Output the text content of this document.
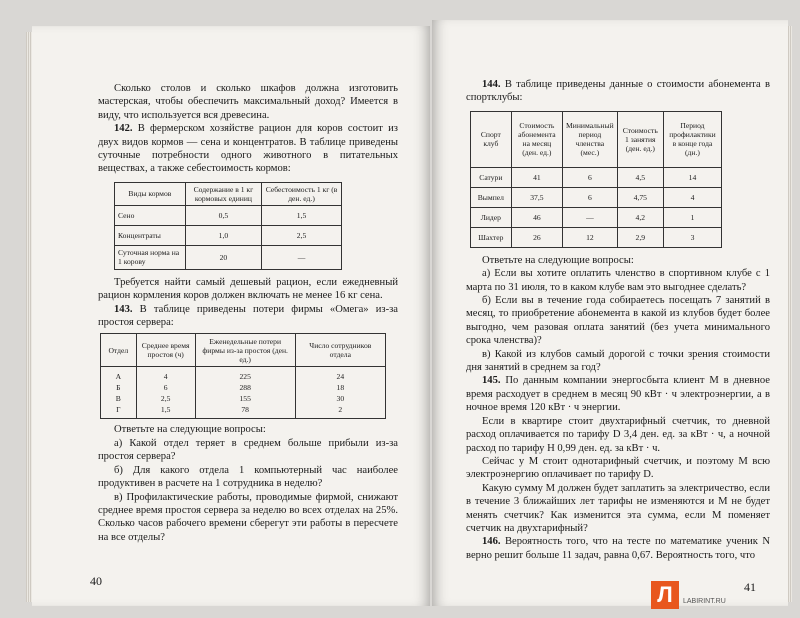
Сколько столов и сколько шкафов должна изготовить мастерская, чтобы обеспечить максимальный доход? Имеется в виду, что используется вся древесина.

142. В фермерском хозяйстве рацион для коров состоит из двух видов кормов — сена и концентратов. В таблице приведены суточные потребности одного животного в питательных веществах, а также себестоимость кормов:

Виды кормов	Содержание в 1 кг кормовых единиц	Себестоимость 1 кг (в ден. ед.)
Сено	0,5	1,5
Концентраты	1,0	2,5
Суточная норма на 1 корову	20	—

Требуется найти самый дешевый рацион, если ежедневный рацион кормления коров должен включать не менее 16 кг сена.

143. В таблице приведены потери фирмы «Омега» из-за простоя сервера:

Отдел	Среднее время простоя (ч)	Еженедельные потери фирмы из-за простоя (ден. ед.)	Число сотрудников отдела
А	4	225	24
Б	6	288	18
В	2,5	155	30
Г	1,5	78	2

Ответьте на следующие вопросы:

а) Какой отдел теряет в среднем больше прибыли из-за простоя сервера?

б) Для какого отдела 1 компьютерный час наиболее продуктивен в расчете на 1 сотрудника в неделю?

в) Профилактические работы, проводимые фирмой, снижают среднее время простоя сервера за неделю во всех отделах на 25%. Сколько часов рабочего времени сберегут эти работы в пересчете на все отделы?

40

144. В таблице приведены данные о стоимости абонемента в спортклубы:

Спорт клуб	Стоимость абонемента на месяц (ден. ед.)	Минимальный период членства (мес.)	Стоимость 1 занятия (ден. ед.)	Период профилактики в конце года (дн.)
Сатури	41	6	4,5	14
Вымпел	37,5	6	4,75	4
Лидер	46	—	4,2	1
Шахтер	26	12	2,9	3

Ответьте на следующие вопросы:

а) Если вы хотите оплатить членство в спортивном клубе с 1 марта по 31 июля, то в каком клубе вам это выгоднее сделать?

б) Если вы в течение года собираетесь посещать 7 занятий в месяц, то приобретение абонемента в какой из клубов будет более выгодно, чем разовая оплата занятий (без учета минимального срока членства)?

в) Какой из клубов самый дорогой с точки зрения стоимости дня занятий в среднем за год?

145. По данным компании энергосбыта клиент М в дневное время расходует в среднем в месяц 90 кВт · ч электроэнергии, а в ночное время 120 кВт · ч энергии.

Если в квартире стоит двухтарифный счетчик, то дневной расход оплачивается по тарифу D 3,4 ден. ед. за кВт · ч, а ночной расход по тарифу H 0,99 ден. ед. за кВт · ч.

Сейчас у М стоит однотарифный счетчик, и поэтому М всю электроэнергию оплачивает по тарифу D.

Какую сумму М должен будет заплатить за электричество, если в течение 3 ближайших лет тарифы не изменяются и М не будет менять счетчик? Как изменится эта сумма, если М поменяет счетчик на двухтарифный?

146. Вероятность того, что на тесте по математике ученик N верно решит больше 11 задач, равна 0,67. Вероятность того, что

41
Л	LABIRINT.RU
